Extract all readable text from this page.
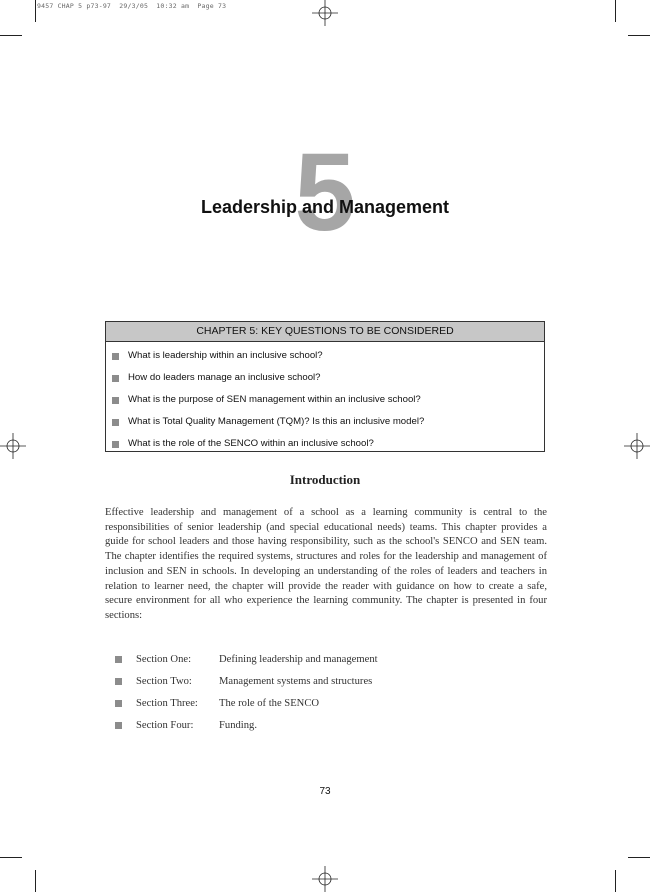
9457 CHAP 5 p73-97  29/3/05  10:32 am  Page 73
5
Leadership and Management
CHAPTER 5: KEY QUESTIONS TO BE CONSIDERED
What is leadership within an inclusive school?
How do leaders manage an inclusive school?
What is the purpose of SEN management within an inclusive school?
What is Total Quality Management (TQM)? Is this an inclusive model?
What is the role of the SENCO within an inclusive school?
Introduction

Effective leadership and management of a school as a learning community is central to the responsibilities of senior leadership (and special educational needs) teams. This chapter provides a guide for school leaders and those having responsibility, such as the school's SENCO and SEN team. The chapter identifies the required systems, structures and roles for the leadership and management of inclusion and SEN in schools. In developing an understanding of the roles of leaders and teachers in relation to learner need, the chapter will provide the reader with guidance on how to create a safe, secure environment for all who experience the learning community. The chapter is presented in four sections:

Section One:	Defining leadership and management
Section Two:	Management systems and structures
Section Three:	The role of the SENCO
Section Four:	Funding.
73
